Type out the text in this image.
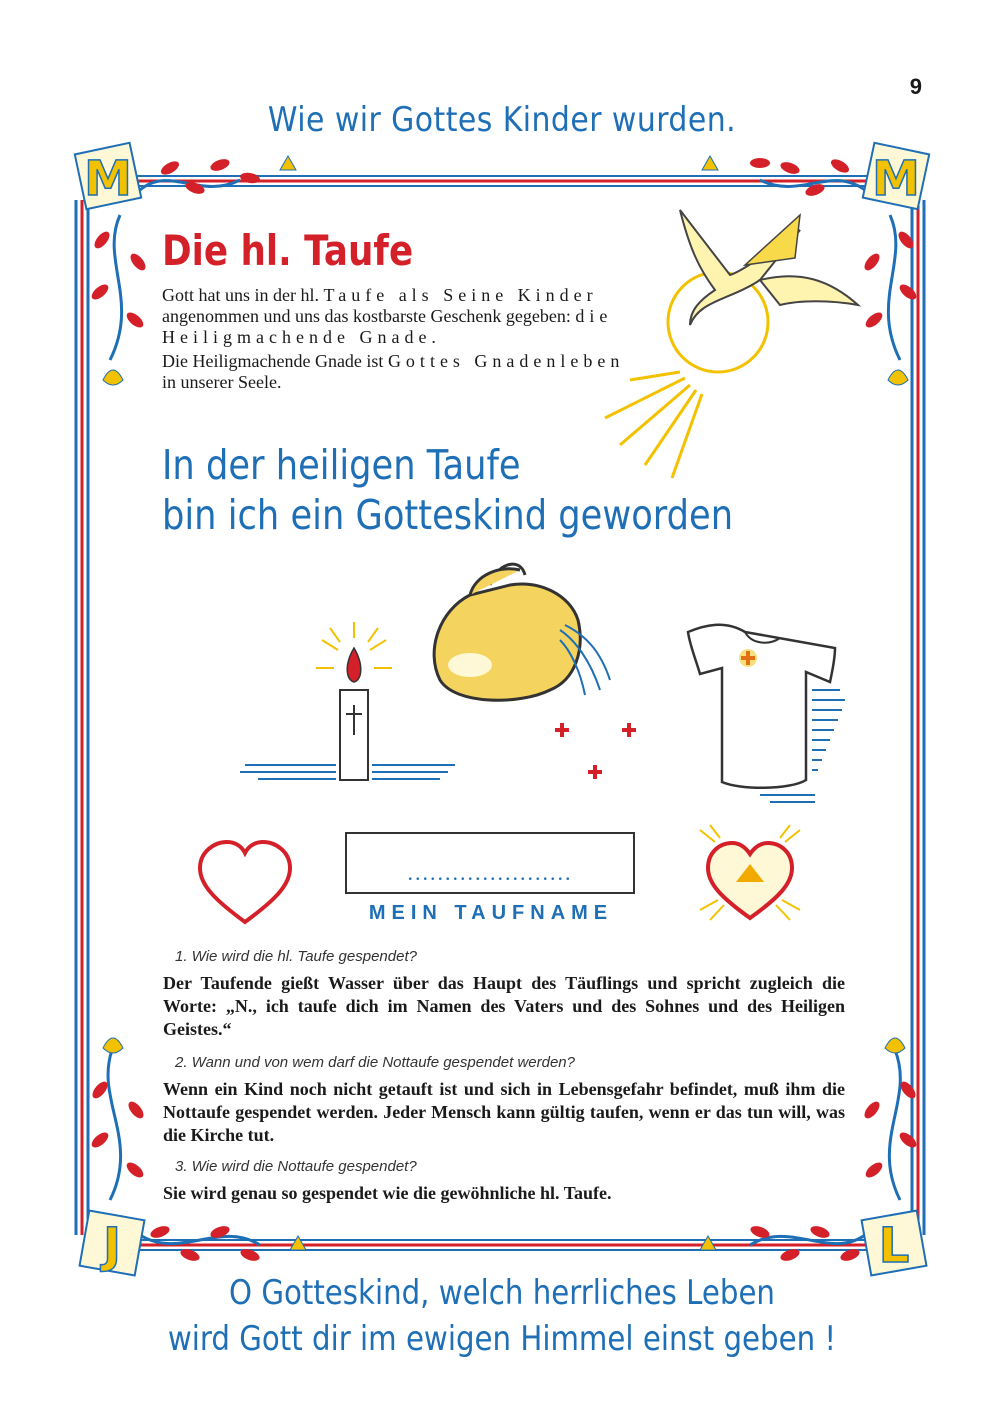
M	M
J	L
9
Wie wir Gottes Kinder wurden.
Die hl. Taufe

Gott hat uns in der hl. Taufe als Seine Kinder angenommen und uns das kostbarste Geschenk gegeben: die Heiligmachende Gnade.

Die Heiligmachende Gnade ist Gottes Gnadenleben in unserer Seele.

In der heiligen Taufe
bin ich ein Gotteskind geworden
......................
MEIN TAUFNAME
1. Wie wird die hl. Taufe gespendet?
Der Taufende gießt Wasser über das Haupt des Täuflings und spricht zugleich die Worte: „N., ich taufe dich im Namen des Vaters und des Sohnes und des Heiligen Geistes.“
2. Wann und von wem darf die Nottaufe gespendet werden?
Wenn ein Kind noch nicht getauft ist und sich in Lebensgefahr befindet, muß ihm die Nottaufe gespendet werden. Jeder Mensch kann gültig taufen, wenn er das tun will, was die Kirche tut.
3. Wie wird die Nottaufe gespendet?
Sie wird genau so gespendet wie die gewöhnliche hl. Taufe.
O Gotteskind, welch herrliches Leben
wird Gott dir im ewigen Himmel einst geben !
